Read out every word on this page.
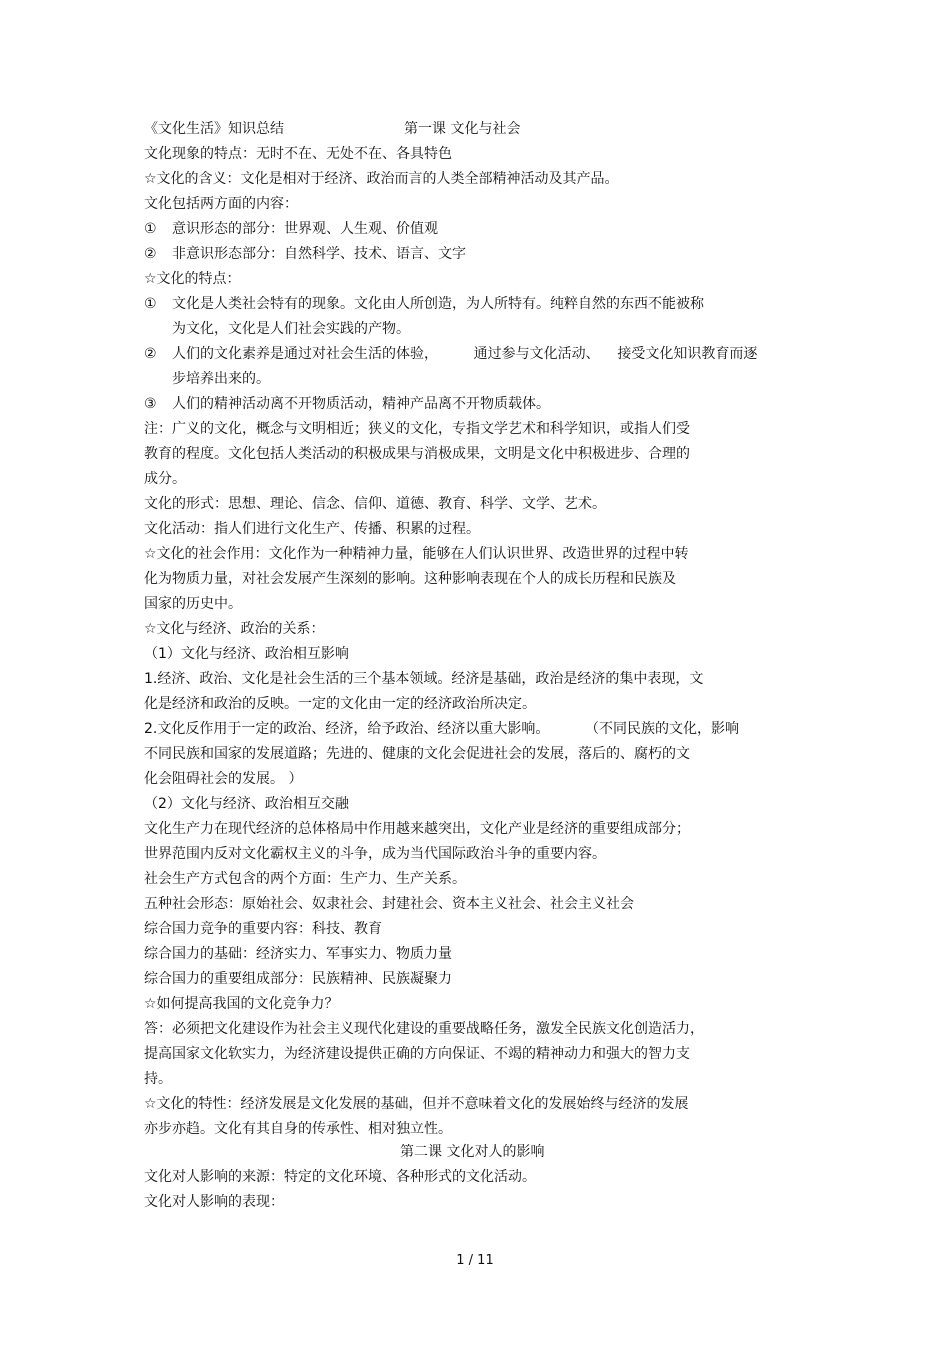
《文化生活》知识总结	第一课 文化与社会
文化现象的特点：无时不在、无处不在、各具特色
☆文化的含义：文化是相对于经济、政治而言的人类全部精神活动及其产品。
文化包括两方面的内容：
① 意识形态的部分：世界观、人生观、价值观
② 非意识形态部分：自然科学、技术、语言、文字
☆文化的特点：
① 文化是人类社会特有的现象。文化由人所创造，为人所特有。纯粹自然的东西不能被称
为文化，文化是人们社会实践的产物。
② 人们的文化素养是通过对社会生活的体验，        通过参与文化活动、    接受文化知识教育而逐
步培养出来的。
③ 人们的精神活动离不开物质活动，精神产品离不开物质载体。
注：广义的文化，概念与文明相近；狭义的文化，专指文学艺术和科学知识，或指人们受
教育的程度。文化包括人类活动的积极成果与消极成果，文明是文化中积极进步、合理的
成分。
文化的形式：思想、理论、信念、信仰、道德、教育、科学、文学、艺术。
文化活动：指人们进行文化生产、传播、积累的过程。
☆文化的社会作用：文化作为一种精神力量，能够在人们认识世界、改造世界的过程中转
化为物质力量，对社会发展产生深刻的影响。这种影响表现在个人的成长历程和民族及
国家的历史中。
☆文化与经济、政治的关系：
（1）文化与经济、政治相互影响
1.经济、政治、文化是社会生活的三个基本领域。经济是基础，政治是经济的集中表现，文
化是经济和政治的反映。一定的文化由一定的经济政治所决定。
2.文化反作用于一定的政治、经济，给予政治、经济以重大影响。        （不同民族的文化，影响
不同民族和国家的发展道路；先进的、健康的文化会促进社会的发展，落后的、腐朽的文
化会阻碍社会的发展。 ）
（2）文化与经济、政治相互交融
文化生产力在现代经济的总体格局中作用越来越突出，文化产业是经济的重要组成部分；
世界范围内反对文化霸权主义的斗争，成为当代国际政治斗争的重要内容。
社会生产方式包含的两个方面：生产力、生产关系。
五种社会形态：原始社会、奴隶社会、封建社会、资本主义社会、社会主义社会
综合国力竞争的重要内容：科技、教育
综合国力的基础：经济实力、军事实力、物质力量
综合国力的重要组成部分：民族精神、民族凝聚力
☆如何提高我国的文化竞争力？
答：必须把文化建设作为社会主义现代化建设的重要战略任务，激发全民族文化创造活力，
提高国家文化软实力，为经济建设提供正确的方向保证、不竭的精神动力和强大的智力支
持。
☆文化的特性：经济发展是文化发展的基础，但并不意味着文化的发展始终与经济的发展
亦步亦趋。文化有其自身的传承性、相对独立性。
第二课 文化对人的影响
文化对人影响的来源：特定的文化环境、各种形式的文化活动。
文化对人影响的表现：
1 / 11
